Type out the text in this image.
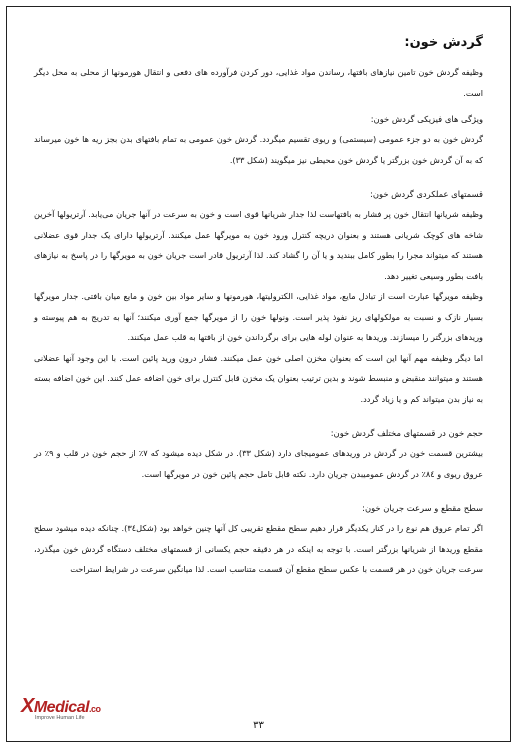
گردش خون:

وظیفه گردش خون تامین نیازهای بافتها، رساندن مواد غذایی، دور کردن فرآورده های دفعی و انتقال هورمونها از محلی به محل دیگر است.

ویژگی های فیزیکی گردش خون:

گردش خون به دو جزء عمومی (سیستمی) و ریوی تقسیم میگردد. گردش خون عمومی به تمام بافتهای بدن بجز ریه ها خون میرساند که به آن گردش خون بزرگتر یا گردش خون محیطی نیز میگویند (شکل ٣٣).

قسمتهای عملکردی گردش خون:

وظیفه شریانها انتقال خون پر فشار به بافتهاست لذا جدار شریانها قوی است و خون به سرعت در آنها جریان می‌یابد. آرتریولها آخرین شاخه های کوچک شریانی هستند و بعنوان دریچه کنترل ورود خون به مویرگها عمل میکنند. آرتریولها دارای یک جدار قوی عضلانی هستند که میتواند مجرا را بطور کامل ببندید و یا آن را گشاد کند. لذا آرتریول قادر است جریان خون به مویرگها را در پاسخ به نیازهای بافت بطور وسیعی تغییر دهد.

وظیفه مویرگها عبارت است از تبادل مایع، مواد غذایی، الکترولیتها، هورمونها و سایر مواد بین خون و مایع میان بافتی. جدار مویرگها بسیار نازک و نسبت به مولکولهای ریز نفوذ پذیر است. ونولها خون را از مویرگها جمع آوری میکنند؛ آنها به تدریج به هم پیوسته و وریدهای بزرگتر را میسازند. وریدها به عنوان لوله هایی برای برگرداندن خون از بافتها به قلب عمل میکنند.

اما دیگر وظیفه مهم آنها این است که بعنوان مخزن اصلی خون عمل میکنند. فشار درون ورید پائین است. با این وجود آنها عضلانی هستند و میتوانند منقبض و منبسط شوند و بدین ترتیب بعنوان یک مخزن قابل کنترل برای خون اضافه عمل کنند. این خون اضافه بسته به نیاز بدن میتواند کم و یا زیاد گردد.

حجم خون در قسمتهای مختلف گردش خون:

بیشترین قسمت خون در گردش در وریدهای عمومیجای دارد (شکل ٣٣). در شکل دیده میشود که ٧٪ از حجم خون در قلب و ٩٪ در عروق ریوی و ٨٤٪ در گردش عمومیبدن جریان دارد. نکته قابل تامل حجم پائین خون در مویرگها است.

سطح مقطع و سرعت جریان خون:

اگر تمام عروق هم نوع را در کنار یکدیگر قرار دهیم سطح مقطع تقریبی کل آنها چنین خواهد بود (شکل٣٤). چنانکه دیده میشود سطح مقطع وریدها از شریانها بزرگتر است. با توجه به اینکه در هر دقیقه حجم یکسانی از قسمتهای مختلف دستگاه گردش خون میگذرد، سرعت جریان خون در هر قسمت با عکس سطح مقطع آن قسمت متناسب است. لذا میانگین سرعت در شرایط استراحت

XMedical.co
Improve Human Life
٣٣
